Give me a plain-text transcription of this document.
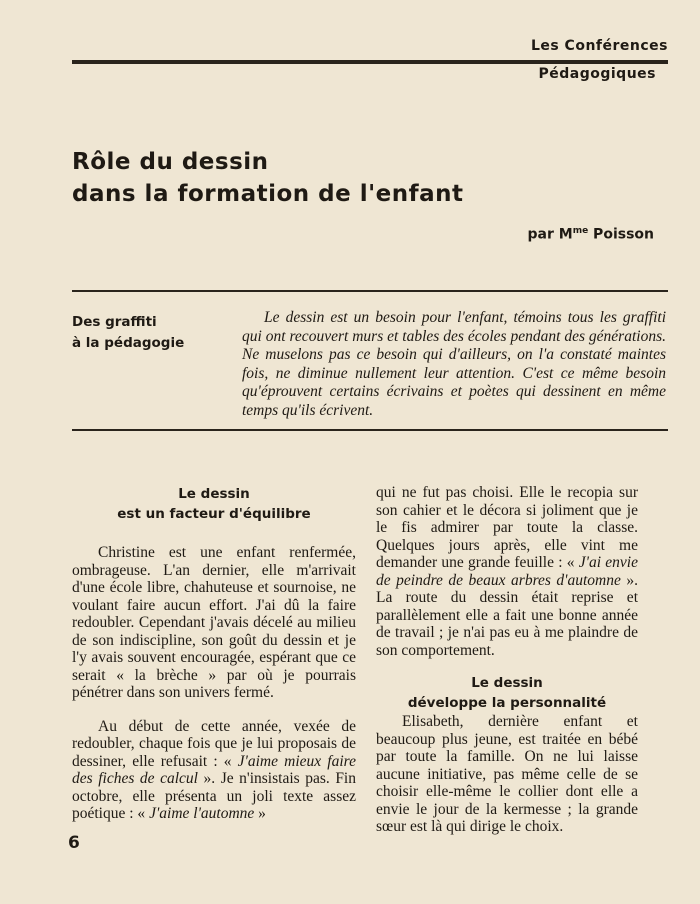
Les Conférences
Pédagogiques
Rôle du dessin
dans la formation de l'enfant
par $M^{me}$ Poisson
Des graffiti
à la pédagogie

Le dessin est un besoin pour l'enfant, témoins tous les graffiti qui ont recouvert murs et tables des écoles pendant des générations. Ne muselons pas ce besoin qui d'ailleurs, on l'a constaté maintes fois, ne diminue nullement leur attention. C'est ce même besoin qu'éprouvent certains écrivains et poètes qui dessinent en même temps qu'ils écrivent.

Le dessin
est un facteur d'équilibre

Christine est une enfant renfermée, ombrageuse. L'an dernier, elle m'arrivait d'une école libre, chahuteuse et sournoise, ne voulant faire aucun effort. J'ai dû la faire redoubler. Cependant j'avais décelé au milieu de son indiscipline, son goût du dessin et je l'y avais souvent encouragée, espérant que ce serait « la brèche » par où je pourrais pénétrer dans son univers fermé.

Au début de cette année, vexée de redoubler, chaque fois que je lui proposais de dessiner, elle refusait : « J'aime mieux faire des fiches de calcul ». Je n'insistais pas. Fin octobre, elle présenta un joli texte assez poétique : « J'aime l'automne »

qui ne fut pas choisi. Elle le recopia sur son cahier et le décora si joliment que je le fis admirer par toute la classe. Quelques jours après, elle vint me demander une grande feuille : « J'ai envie de peindre de beaux arbres d'automne ». La route du dessin était reprise et parallèlement elle a fait une bonne année de travail ; je n'ai pas eu à me plaindre de son comportement.

Le dessin
développe la personnalité

Elisabeth, dernière enfant et beaucoup plus jeune, est traitée en bébé par toute la famille. On ne lui laisse aucune initiative, pas même celle de se choisir elle-même le collier dont elle a envie le jour de la kermesse ; la grande sœur est là qui dirige le choix.

6
